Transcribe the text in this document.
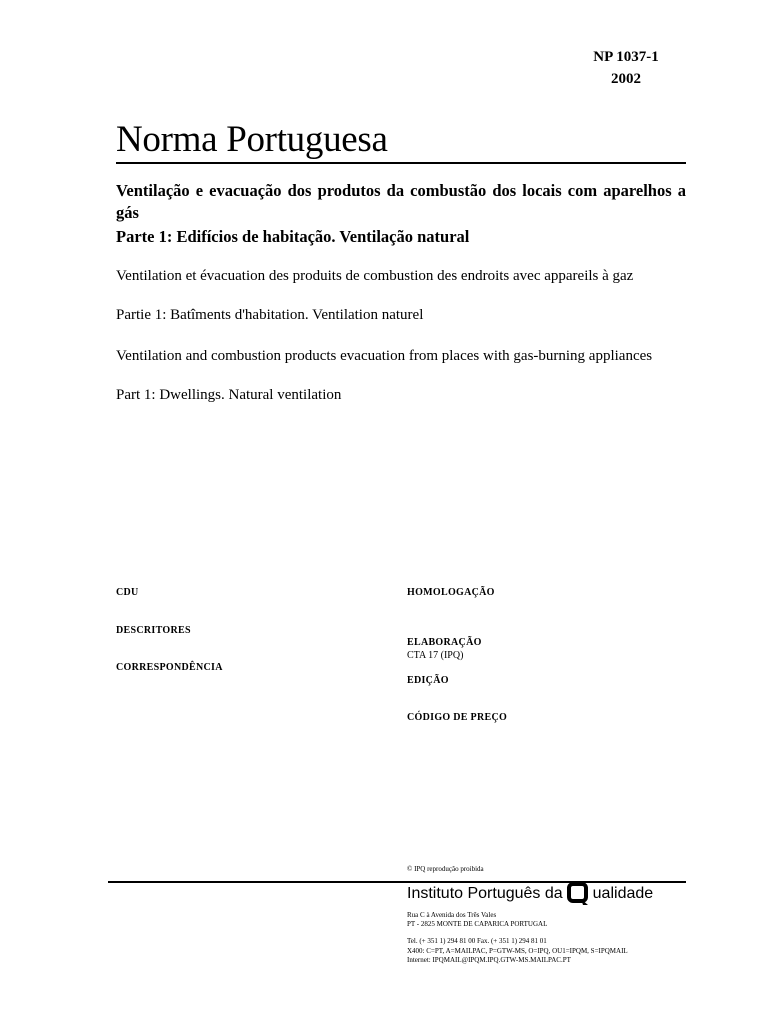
NP 1037-1
2002
Norma Portuguesa
Ventilação e evacuação dos produtos da combustão dos locais com aparelhos a gás
Parte 1: Edifícios de habitação. Ventilação natural
Ventilation et évacuation des produits de combustion des endroits avec appareils à gaz
Partie 1: Batîments d'habitation. Ventilation naturel
Ventilation and combustion products evacuation from places with gas-burning appliances
Part 1: Dwellings. Natural ventilation
CDU
DESCRITORES
CORRESPONDÊNCIA
HOMOLOGAÇÃO
ELABORAÇÃO
CTA 17 (IPQ)
EDIÇÃO
CÓDIGO DE PREÇO
© IPQ reprodução proibida
Instituto Português da ualidade
Rua C à Avenida dos Três Vales
PT - 2825 MONTE DE CAPARICA PORTUGAL
Tel. (+ 351 1) 294 81 00 Fax. (+ 351 1) 294 81 01
X400: C=PT, A=MAILPAC, P=GTW-MS, O=IPQ, OU1=IPQM, S=IPQMAIL
Internet: IPQMAIL@IPQM.IPQ.GTW-MS.MAILPAC.PT
